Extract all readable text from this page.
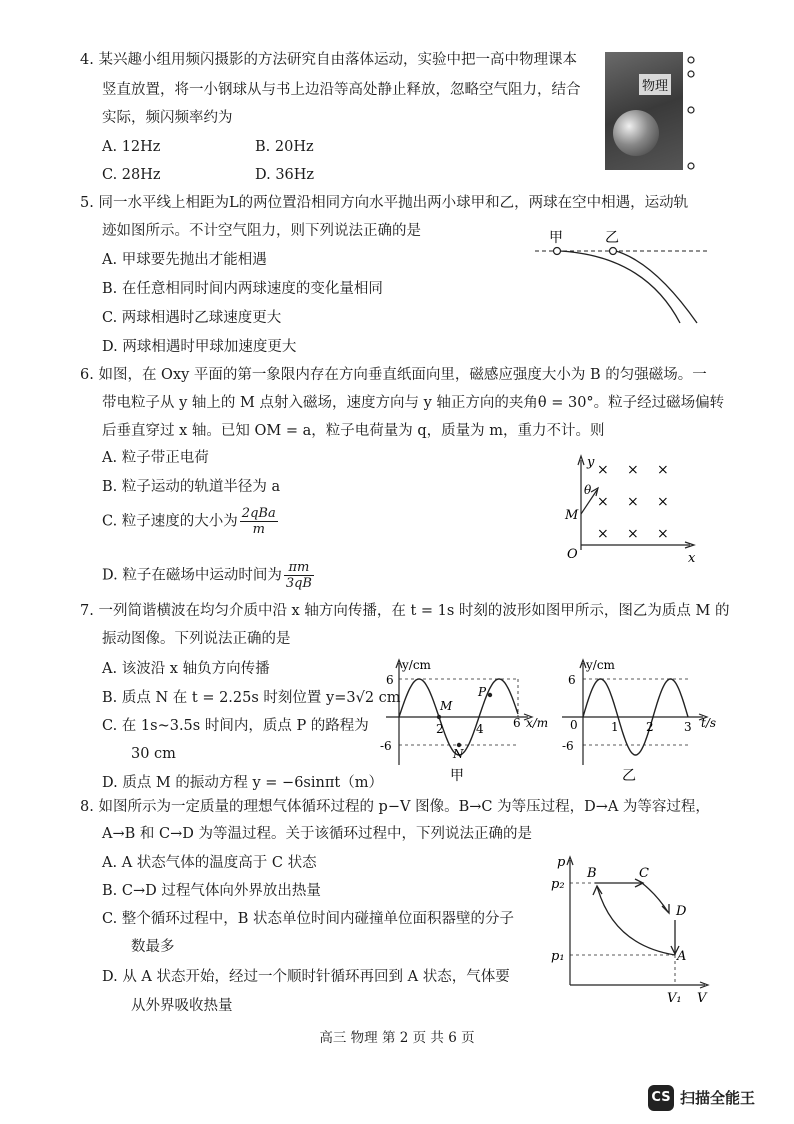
4. 某兴趣小组用频闪摄影的方法研究自由落体运动，实验中把一高中物理课本
竖直放置，将一小钢球从与书上边沿等高处静止释放，忽略空气阻力，结合
实际，频闪频率约为
A. 12Hz	B. 20Hz
C. 28Hz	D. 36Hz
物理
5. 同一水平线上相距为L的两位置沿相同方向水平抛出两小球甲和乙，两球在空中相遇，运动轨
迹如图所示。不计空气阻力，则下列说法正确的是
A. 甲球要先抛出才能相遇
B. 在任意相同时间内两球速度的变化量相同
C. 两球相遇时乙球速度更大
D. 两球相遇时甲球加速度更大
甲	乙
6. 如图，在 Oxy 平面的第一象限内存在方向垂直纸面向里，磁感应强度大小为 B 的匀强磁场。一
带电粒子从 y 轴上的 M 点射入磁场，速度方向与 y 轴正方向的夹角θ = 30°。粒子经过磁场偏转
后垂直穿过 x 轴。已知 OM = a，粒子电荷量为 q，质量为 m，重力不计。则
A. 粒子带正电荷
B. 粒子运动的轨道半径为 a
C. 粒子速度的大小为 $\frac{\text{2qBa}}{m}$
D. 粒子在磁场中运动时间为 $\frac{\pi m}{3qB}$
y
x
O
M
θ
× × ×
× × ×
× × ×
7. 一列简谐横波在均匀介质中沿 x 轴方向传播，在 t = 1s 时刻的波形如图甲所示，图乙为质点 M 的
振动图像。下列说法正确的是
A. 该波沿 x 轴负方向传播
B. 质点 N 在 t = 2.25s 时刻位置 y=3√2 cm
C. 在 1s~3.5s 时间内，质点 P 的路程为
30 cm
D. 质点 M 的振动方程 y = −6sinπt（m）
y/cm
x/m
6
-6
2	4 6
M
N
P
甲
y/cm
t/s
6
-6
0	1 2	3
乙
8. 如图所示为一定质量的理想气体循环过程的 p−V 图像。B→C 为等压过程，D→A 为等容过程，
A→B 和 C→D 为等温过程。关于该循环过程中，下列说法正确的是
A. A 状态气体的温度高于 C 状态
B. C→D 过程气体向外界放出热量
C. 整个循环过程中，B 状态单位时间内碰撞单位面积器壁的分子
数最多
D. 从 A 状态开始，经过一个顺时针循环再回到 A 状态，气体要
从外界吸收热量
p
V
p₂
p₁
V₁
B	C
D
A
高三 物理 第 2 页 共 6 页
CS 扫描全能王
